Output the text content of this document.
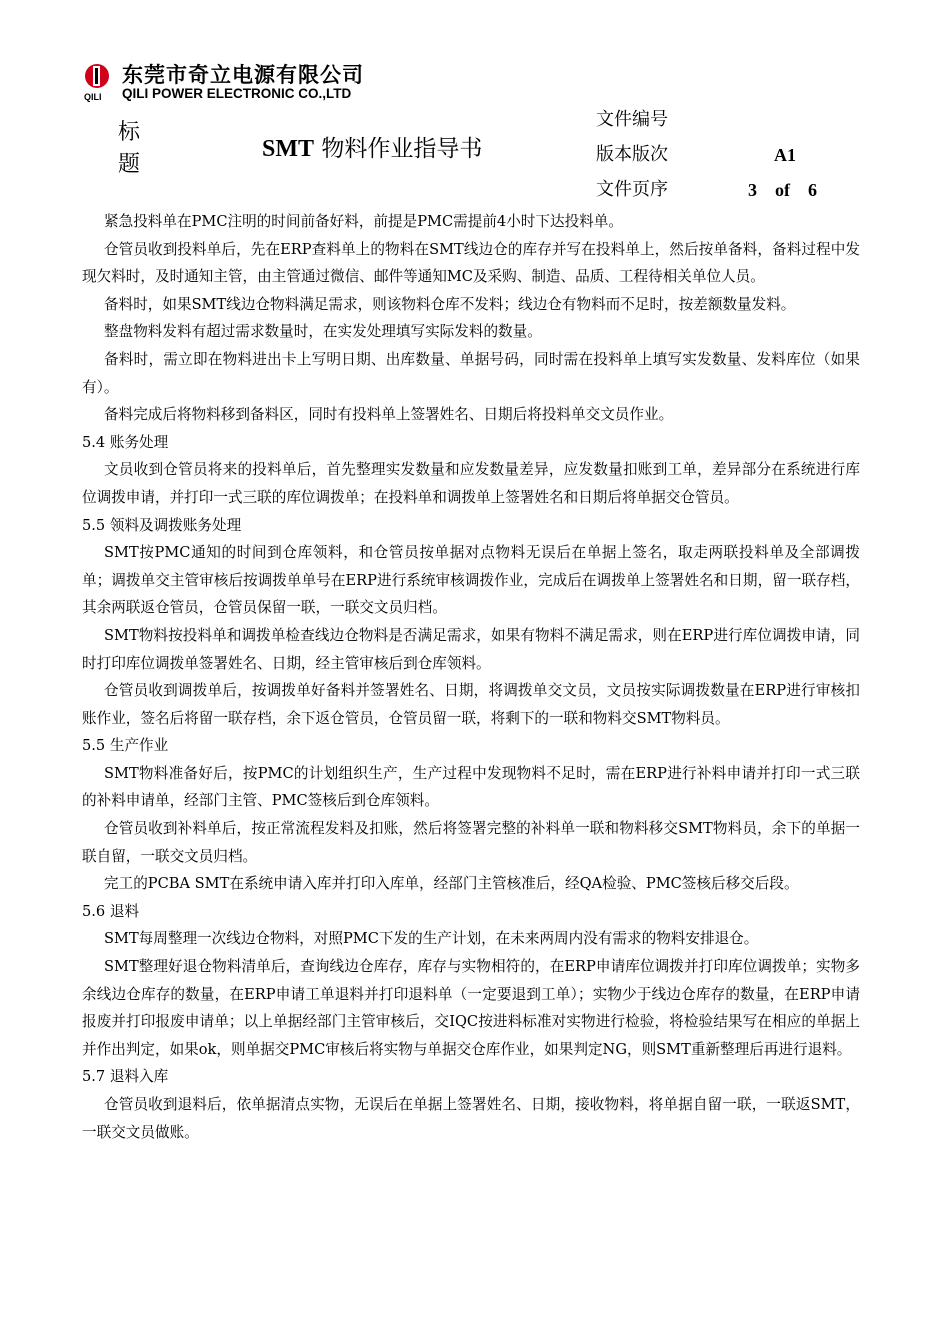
QILI
东莞市奇立电源有限公司
QILI POWER ELECTRONIC CO.,LTD
标
题
SMT 物料作业指导书
文件编号
版本版次	A1
文件页序	3　of　6

紧急投料单在PMC注明的时间前备好料，前提是PMC需提前4小时下达投料单。

仓管员收到投料单后，先在ERP查料单上的物料在SMT线边仓的库存并写在投料单上，然后按单备料，备料过程中发现欠料时，及时通知主管，由主管通过微信、邮件等通知MC及采购、制造、品质、工程待相关单位人员。

备料时，如果SMT线边仓物料满足需求，则该物料仓库不发料；线边仓有物料而不足时，按差额数量发料。

整盘物料发料有超过需求数量时，在实发处理填写实际发料的数量。

备料时，需立即在物料进出卡上写明日期、出库数量、单据号码，同时需在投料单上填写实发数量、发料库位（如果有）。

备料完成后将物料移到备料区，同时有投料单上签署姓名、日期后将投料单交文员作业。

5.4 账务处理

文员收到仓管员将来的投料单后，首先整理实发数量和应发数量差异，应发数量扣账到工单，差异部分在系统进行库位调拨申请，并打印一式三联的库位调拨单；在投料单和调拨单上签署姓名和日期后将单据交仓管员。

5.5 领料及调拨账务处理

SMT按PMC通知的时间到仓库领料，和仓管员按单据对点物料无误后在单据上签名，取走两联投料单及全部调拨单；调拨单交主管审核后按调拨单单号在ERP进行系统审核调拨作业，完成后在调拨单上签署姓名和日期，留一联存档，其余两联返仓管员，仓管员保留一联，一联交文员归档。

SMT物料按投料单和调拨单检查线边仓物料是否满足需求，如果有物料不满足需求，则在ERP进行库位调拨申请，同时打印库位调拨单签署姓名、日期，经主管审核后到仓库领料。

仓管员收到调拨单后，按调拨单好备料并签署姓名、日期，将调拨单交文员，文员按实际调拨数量在ERP进行审核扣账作业，签名后将留一联存档，余下返仓管员，仓管员留一联，将剩下的一联和物料交SMT物料员。

5.5 生产作业

SMT物料准备好后，按PMC的计划组织生产，生产过程中发现物料不足时，需在ERP进行补料申请并打印一式三联的补料申请单，经部门主管、PMC签核后到仓库领料。

仓管员收到补料单后，按正常流程发料及扣账，然后将签署完整的补料单一联和物料移交SMT物料员，余下的单据一联自留，一联交文员归档。

完工的PCBA SMT在系统申请入库并打印入库单，经部门主管核准后，经QA检验、PMC签核后移交后段。

5.6 退料

SMT每周整理一次线边仓物料，对照PMC下发的生产计划，在未来两周内没有需求的物料安排退仓。

SMT整理好退仓物料清单后，查询线边仓库存，库存与实物相符的，在ERP申请库位调拨并打印库位调拨单；实物多余线边仓库存的数量，在ERP申请工单退料并打印退料单（一定要退到工单）；实物少于线边仓库存的数量，在ERP申请报废并打印报废申请单；以上单据经部门主管审核后，交IQC按进料标准对实物进行检验，将检验结果写在相应的单据上并作出判定，如果ok，则单据交PMC审核后将实物与单据交仓库作业，如果判定NG，则SMT重新整理后再进行退料。

5.7 退料入库

仓管员收到退料后，依单据清点实物，无误后在单据上签署姓名、日期，接收物料，将单据自留一联，一联返SMT，一联交文员做账。
